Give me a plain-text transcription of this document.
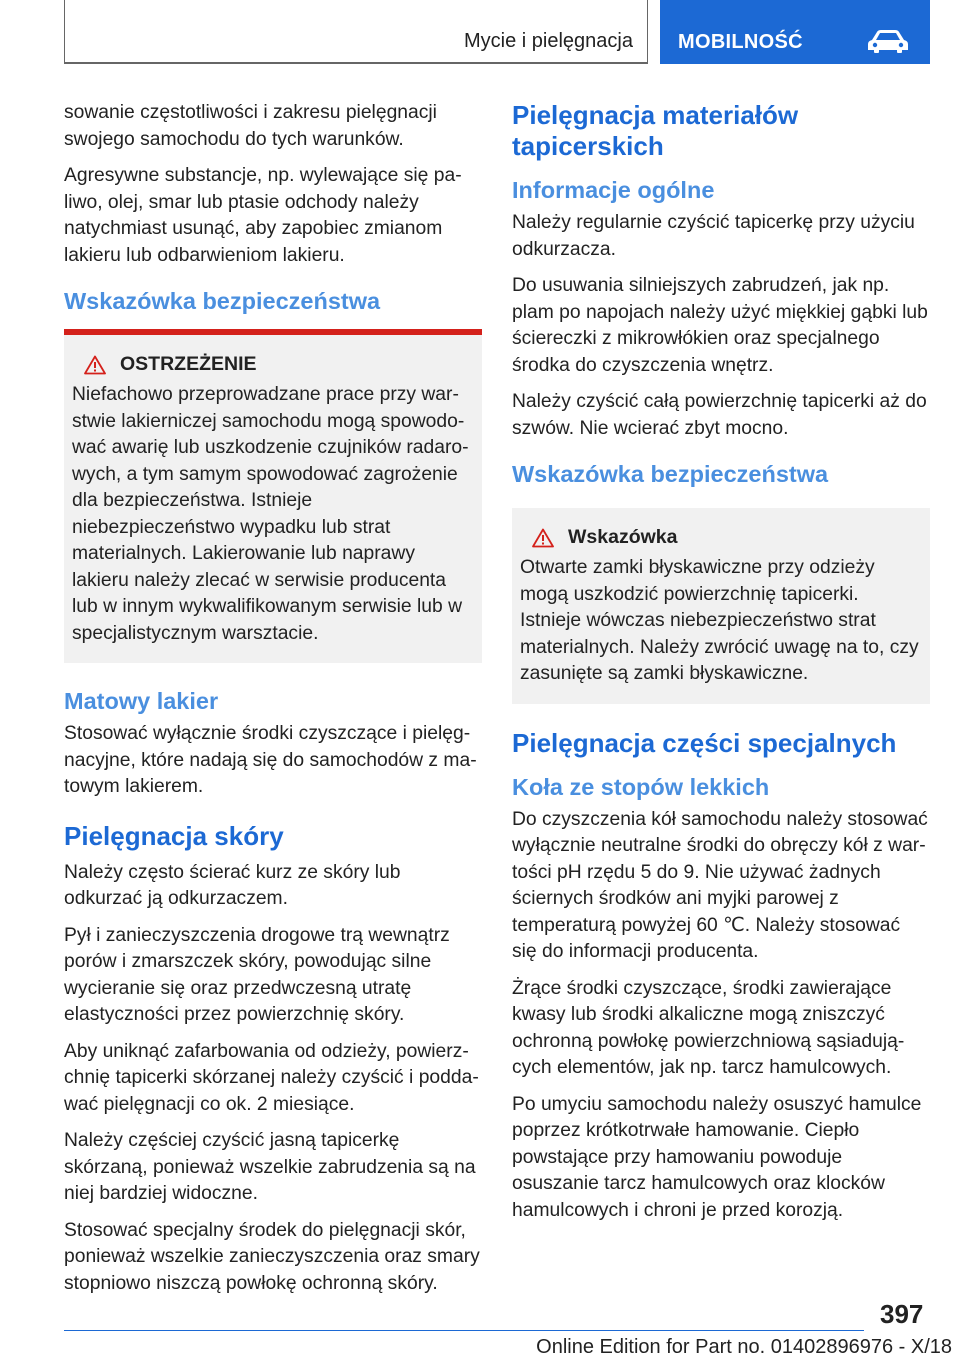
Mycie i pielęgnacja MOBILNOŚĆ

sowanie częstotliwości i zakresu pielęgnacji swojego samochodu do tych warunków.

Agresywne substancje, np. wylewające się paliwo, olej, smar lub ptasie odchody należy natychmiast usunąć, aby zapobiec zmianom lakieru lub odbarwieniom lakieru.

Wskazówka bezpieczeństwa
OSTRZEŻENIE

Niefachowo przeprowadzane prace przy warstwie lakierniczej samochodu mogą spowodować awarię lub uszkodzenie czujników radarowych, a tym samym spowodować zagrożenie dla bezpieczeństwa. Istnieje niebezpieczeństwo wypadku lub strat materialnych. Lakierowanie lub naprawy lakieru należy zlecać w serwisie producenta lub w innym wykwalifikowanym serwisie lub w specjalistycznym warsztacie.

Matowy lakier

Stosować wyłącznie środki czyszczące i pielęgnacyjne, które nadają się do samochodów z matowym lakierem.

Pielęgnacja skóry

Należy często ścierać kurz ze skóry lub odkurzać ją odkurzaczem.

Pył i zanieczyszczenia drogowe trą wewnątrz porów i zmarszczek skóry, powodując silne wycieranie się oraz przedwczesną utratę elastyczności przez powierzchnię skóry.

Aby uniknąć zafarbowania od odzieży, powierzchnię tapicerki skórzanej należy czyścić i poddawać pielęgnacji co ok. 2 miesiące.

Należy częściej czyścić jasną tapicerkę skórzaną, ponieważ wszelkie zabrudzenia są na niej bardziej widoczne.

Stosować specjalny środek do pielęgnacji skór, ponieważ wszelkie zanieczyszczenia oraz smary stopniowo niszczą powłokę ochronną skóry.

Pielęgnacja materiałów tapicerskich
Informacje ogólne

Należy regularnie czyścić tapicerkę przy użyciu odkurzacza.

Do usuwania silniejszych zabrudzeń, jak np. plam po napojach należy użyć miękkiej gąbki lub ściereczki z mikrowłókien oraz specjalnego środka do czyszczenia wnętrz.

Należy czyścić całą powierzchnię tapicerki aż do szwów. Nie wcierać zbyt mocno.

Wskazówka bezpieczeństwa
Wskazówka

Otwarte zamki błyskawiczne przy odzieży mogą uszkodzić powierzchnię tapicerki. Istnieje wówczas niebezpieczeństwo strat materialnych. Należy zwrócić uwagę na to, czy zasunięte są zamki błyskawiczne.

Pielęgnacja części specjalnych
Koła ze stopów lekkich

Do czyszczenia kół samochodu należy stosować wyłącznie neutralne środki do obręczy kół z wartości pH rzędu 5 do 9. Nie używać żadnych ściernych środków ani myjki parowej z temperaturą powyżej 60 ℃. Należy stosować się do informacji producenta.

Żrące środki czyszczące, środki zawierające kwasy lub środki alkaliczne mogą zniszczyć ochronną powłokę powierzchniową sąsiadujących elementów, jak np. tarcz hamulcowych.

Po umyciu samochodu należy osuszyć hamulce poprzez krótkotrwałe hamowanie. Ciepło powstające przy hamowaniu powoduje osuszanie tarcz hamulcowych oraz klocków hamulcowych i chroni je przed korozją.

397
Online Edition for Part no. 01402896976 - X/18
